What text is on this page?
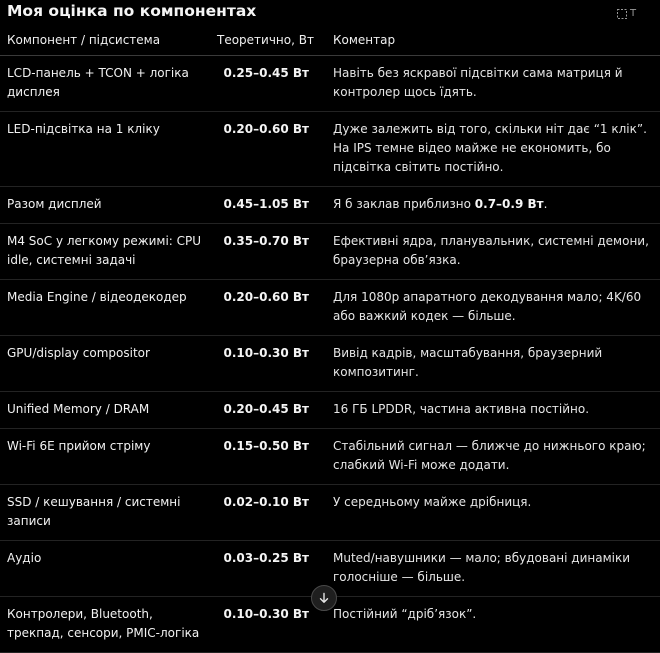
Моя оцінка по компонентах	T
Компонент / підсистема	Теоретично, Вт	Коментар
LCD-панель + TCON + логіка дисплея	0.25–0.45 Вт	Навіть без яскравої підсвітки сама матриця й контролер щось їдять.
LED-підсвітка на 1 кліку	0.20–0.60 Вт	Дуже залежить від того, скільки ніт дає “1 клік”. На IPS темне відео майже не економить, бо підсвітка світить постійно.
Разом дисплей	0.45–1.05 Вт	Я б заклав приблизно 0.7–0.9 Вт.
M4 SoC у легкому режимі: CPU idle, системні задачі	0.35–0.70 Вт	Ефективні ядра, планувальник, системні демони, браузерна обв’язка.
Media Engine / відеодекодер	0.20–0.60 Вт	Для 1080p апаратного декодування мало; 4K/60 або важкий кодек — більше.
GPU/display compositor	0.10–0.30 Вт	Вивід кадрів, масштабування, браузерний композитинг.
Unified Memory / DRAM	0.20–0.45 Вт	16 ГБ LPDDR, частина активна постійно.
Wi-Fi 6E прийом стріму	0.15–0.50 Вт	Стабільний сигнал — ближче до нижнього краю; слабкий Wi-Fi може додати.
SSD / кешування / системні записи	0.02–0.10 Вт	У середньому майже дрібниця.
Аудіо	0.03–0.25 Вт	Muted/навушники — мало; вбудовані динаміки голосніше — більше.
Контролери, Bluetooth, трекпад, сенсори, PMIC-логіка	0.10–0.30 Вт	Постійний “дріб’язок”.
